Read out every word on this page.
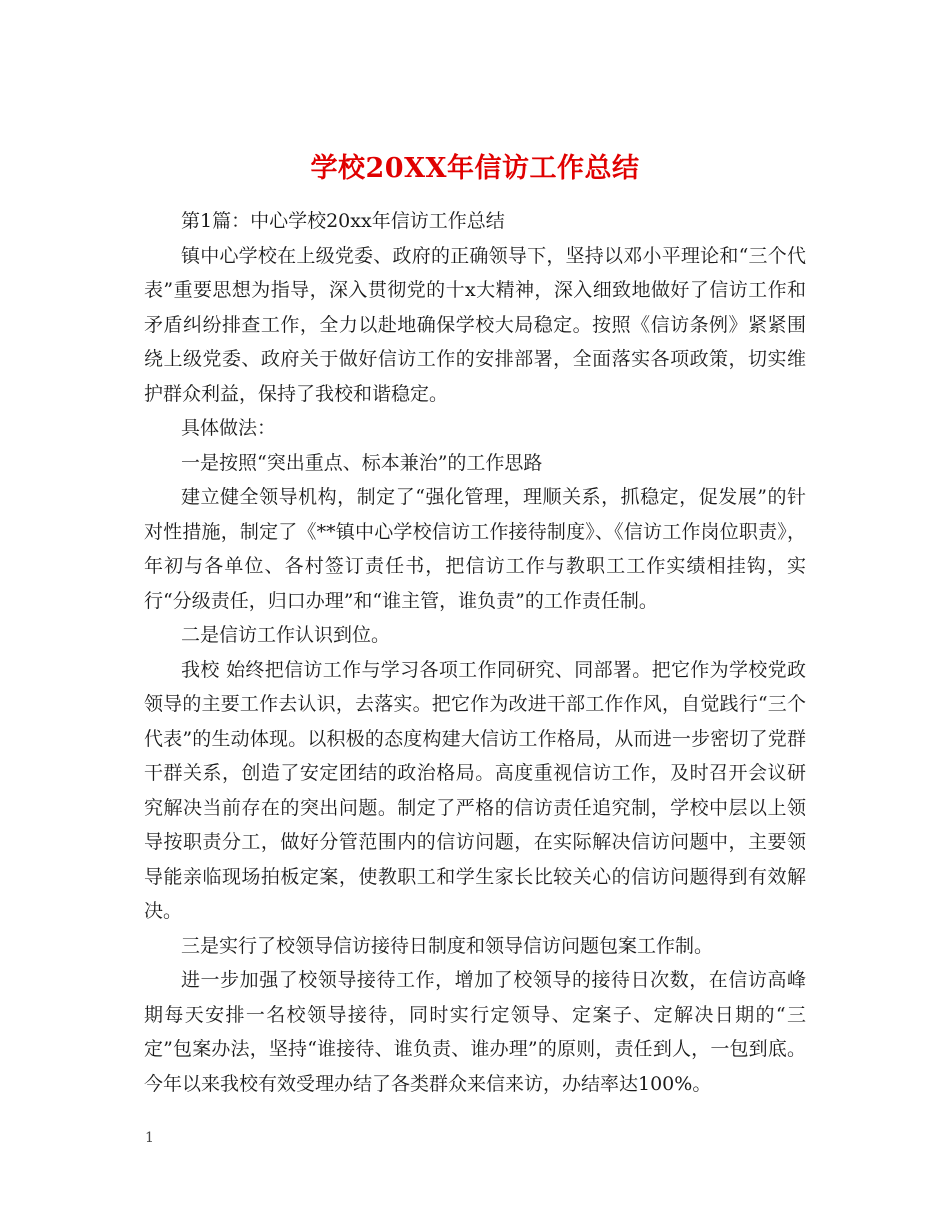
学校20XX年信访工作总结

第1篇：中心学校20xx年信访工作总结

镇中心学校在上级党委、政府的正确领导下，坚持以邓小平理论和“三个代表”重要思想为指导，深入贯彻党的十x大精神，深入细致地做好了信访工作和矛盾纠纷排查工作，全力以赴地确保学校大局稳定。按照《信访条例》紧紧围绕上级党委、政府关于做好信访工作的安排部署，全面落实各项政策，切实维护群众利益，保持了我校和谐稳定。

具体做法：

一是按照“突出重点、标本兼治”的工作思路

建立健全领导机构，制定了“强化管理，理顺关系，抓稳定，促发展”的针对性措施，制定了《**镇中心学校信访工作接待制度》、《信访工作岗位职责》，年初与各单位、各村签订责任书，把信访工作与教职工工作实绩相挂钩，实行“分级责任，归口办理”和“谁主管，谁负责”的工作责任制。

二是信访工作认识到位。

我校 始终把信访工作与学习各项工作同研究、同部署。把它作为学校党政领导的主要工作去认识，去落实。把它作为改进干部工作作风，自觉践行“三个代表”的生动体现。以积极的态度构建大信访工作格局，从而进一步密切了党群干群关系，创造了安定团结的政治格局。高度重视信访工作，及时召开会议研究解决当前存在的突出问题。制定了严格的信访责任追究制，学校中层以上领导按职责分工，做好分管范围内的信访问题，在实际解决信访问题中，主要领导能亲临现场拍板定案，使教职工和学生家长比较关心的信访问题得到有效解决。

三是实行了校领导信访接待日制度和领导信访问题包案工作制。

进一步加强了校领导接待工作，增加了校领导的接待日次数，在信访高峰期每天安排一名校领导接待，同时实行定领导、定案子、定解决日期的“三定”包案办法，坚持“谁接待、谁负责、谁办理”的原则，责任到人，一包到底。今年以来我校有效受理办结了各类群众来信来访，办结率达100%。

1
